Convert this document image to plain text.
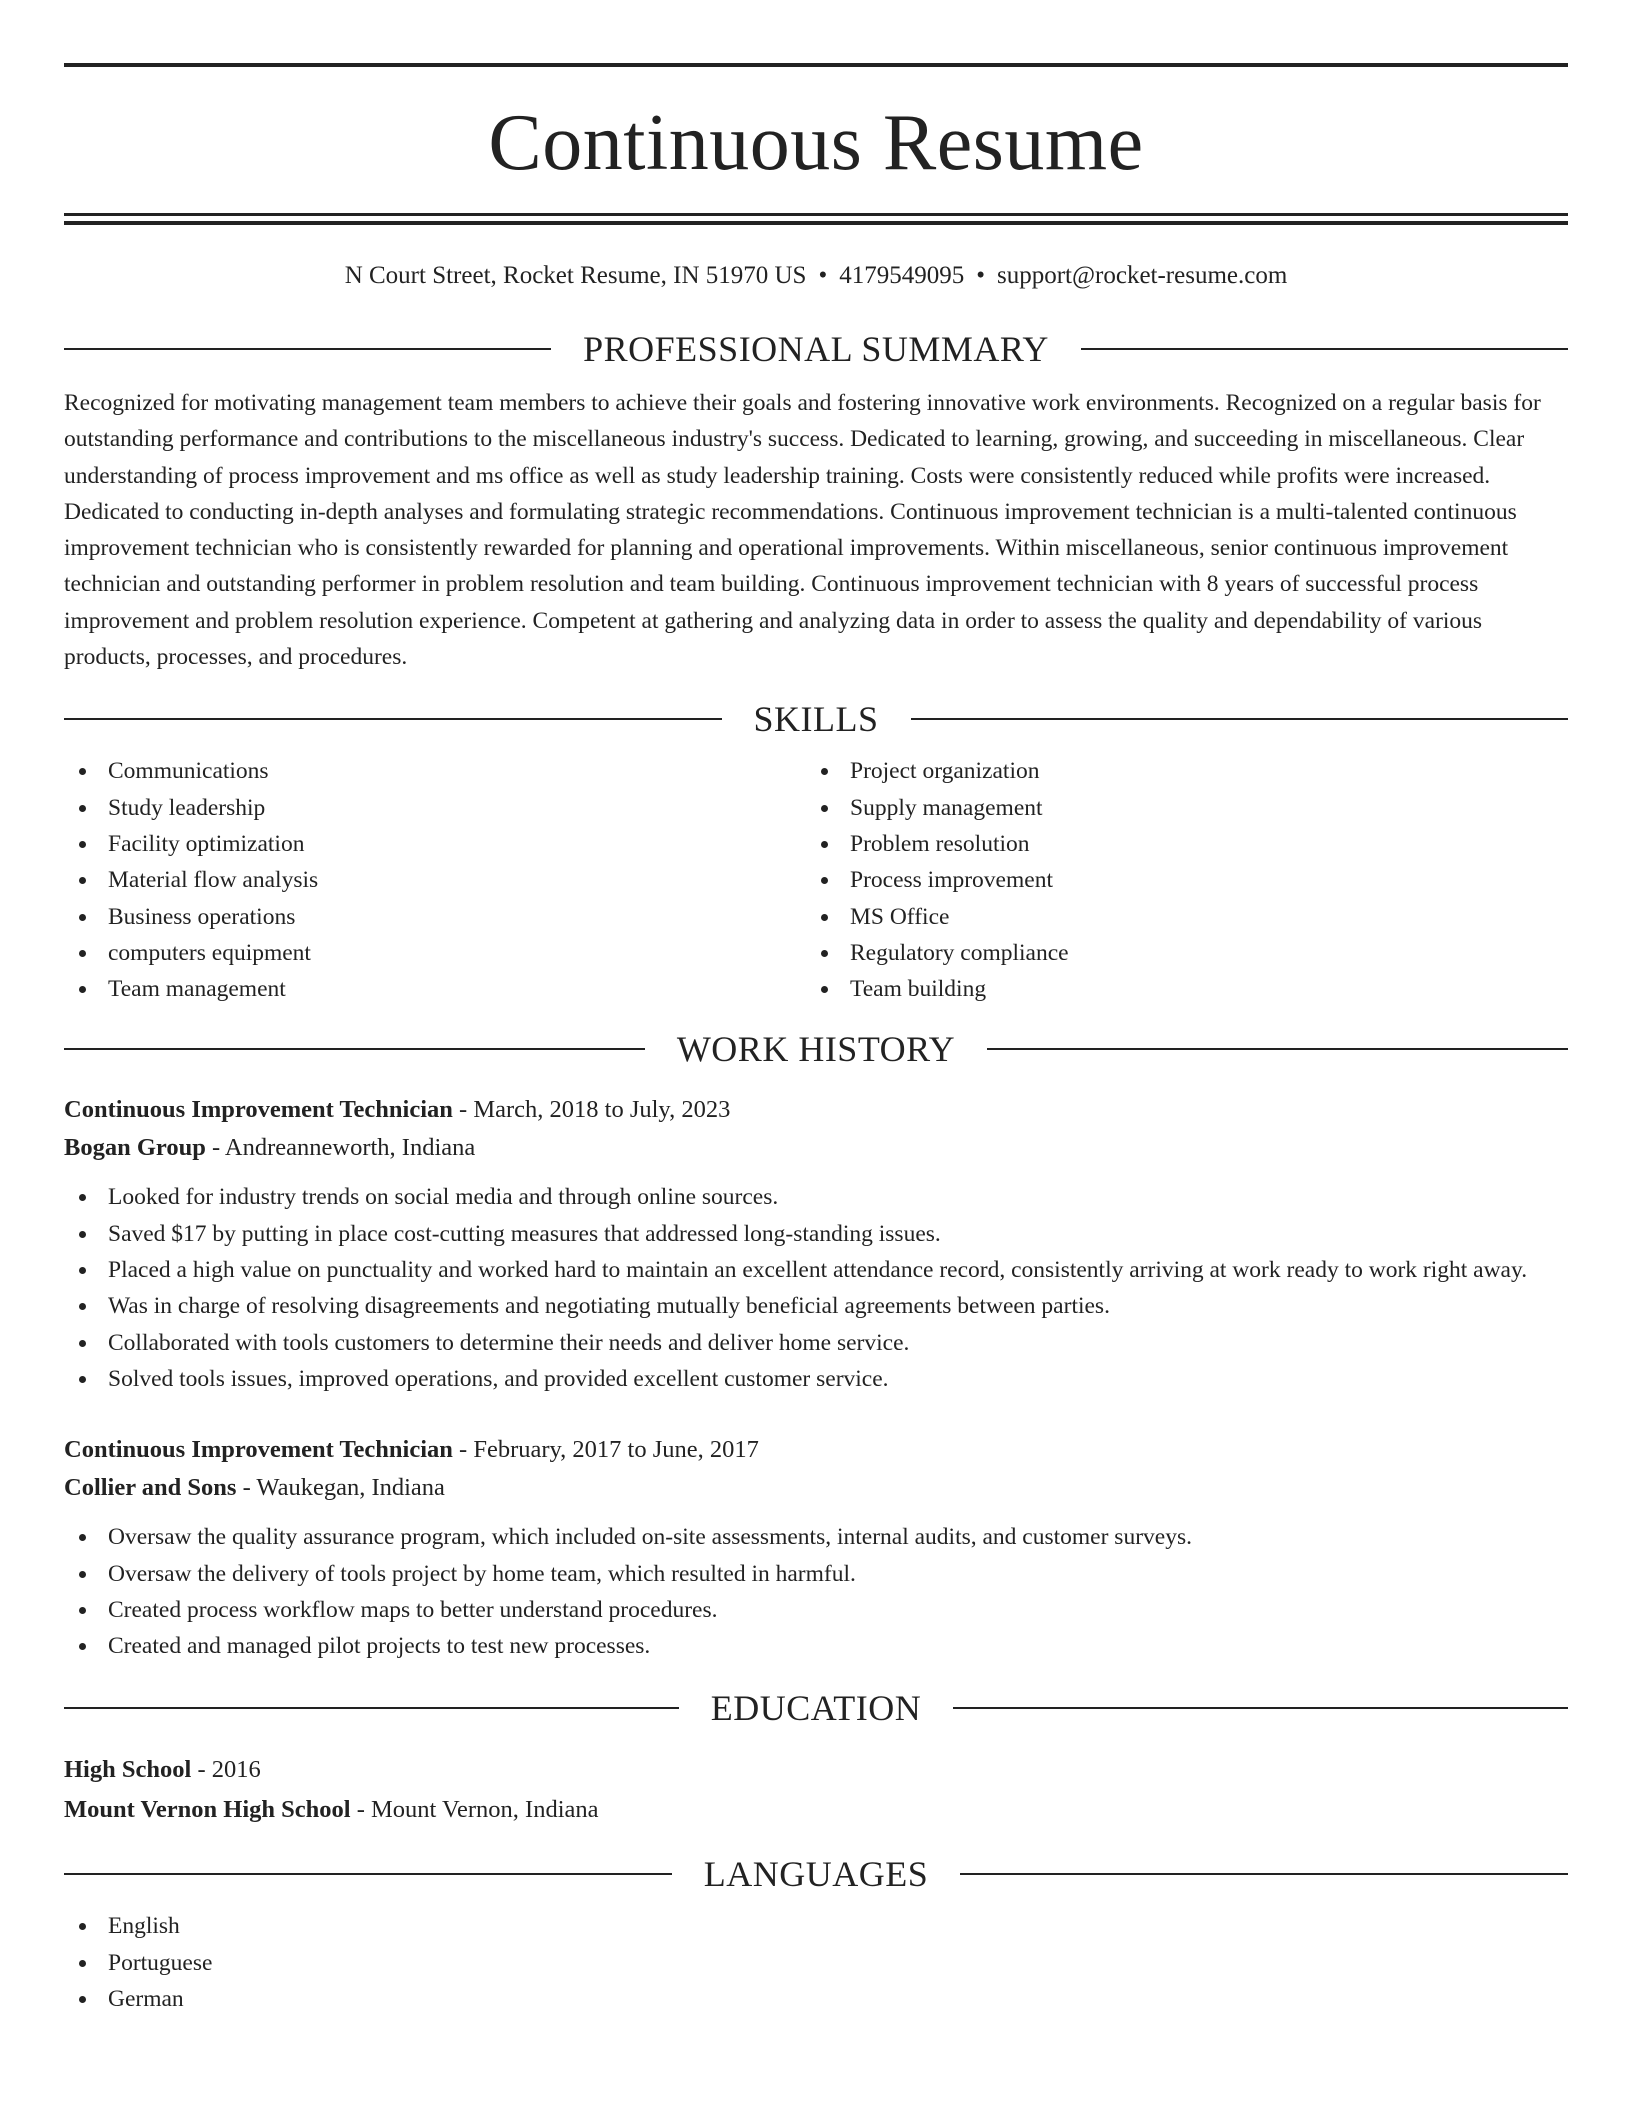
Continuous Resume
N Court Street, Rocket Resume, IN 51970 US • 4179549095 • support@rocket-resume.com
PROFESSIONAL SUMMARY
Recognized for motivating management team members to achieve their goals and fostering innovative work environments. Recognized on a regular basis for outstanding performance and contributions to the miscellaneous industry's success. Dedicated to learning, growing, and succeeding in miscellaneous. Clear understanding of process improvement and ms office as well as study leadership training. Costs were consistently reduced while profits were increased. Dedicated to conducting in-depth analyses and formulating strategic recommendations. Continuous improvement technician is a multi-talented continuous improvement technician who is consistently rewarded for planning and operational improvements. Within miscellaneous, senior continuous improvement technician and outstanding performer in problem resolution and team building. Continuous improvement technician with 8 years of successful process improvement and problem resolution experience. Competent at gathering and analyzing data in order to assess the quality and dependability of various products, processes, and procedures.
SKILLS
Communications
Study leadership
Facility optimization
Material flow analysis
Business operations
computers equipment
Team management
Project organization
Supply management
Problem resolution
Process improvement
MS Office
Regulatory compliance
Team building
WORK HISTORY
Continuous Improvement Technician - March, 2018 to July, 2023
Bogan Group - Andreanneworth, Indiana
Looked for industry trends on social media and through online sources.
Saved $17 by putting in place cost-cutting measures that addressed long-standing issues.
Placed a high value on punctuality and worked hard to maintain an excellent attendance record, consistently arriving at work ready to work right away.
Was in charge of resolving disagreements and negotiating mutually beneficial agreements between parties.
Collaborated with tools customers to determine their needs and deliver home service.
Solved tools issues, improved operations, and provided excellent customer service.
Continuous Improvement Technician - February, 2017 to June, 2017
Collier and Sons - Waukegan, Indiana
Oversaw the quality assurance program, which included on-site assessments, internal audits, and customer surveys.
Oversaw the delivery of tools project by home team, which resulted in harmful.
Created process workflow maps to better understand procedures.
Created and managed pilot projects to test new processes.
EDUCATION
High School - 2016
Mount Vernon High School - Mount Vernon, Indiana
LANGUAGES
English
Portuguese
German
